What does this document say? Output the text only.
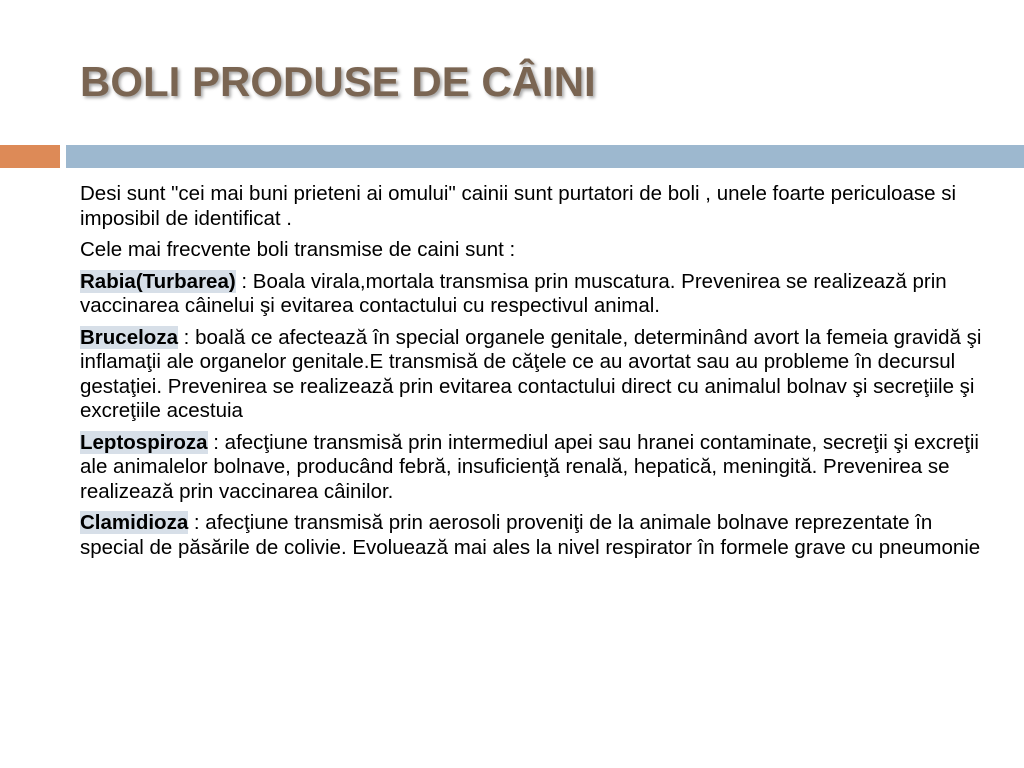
BOLI PRODUSE DE CÂINI

Desi sunt "cei mai buni prieteni ai omului" cainii sunt purtatori de boli , unele foarte periculoase si imposibil de identificat .

Cele mai frecvente boli transmise de caini sunt :

Rabia(Turbarea) : Boala virala,mortala transmisa prin muscatura. Prevenirea se realizează prin vaccinarea câinelui şi evitarea contactului cu respectivul animal.

Bruceloza : boală ce afectează în special organele genitale, determinând avort la femeia gravidă şi inflamaţii ale organelor genitale.E transmisă de căţele ce au avortat sau au probleme în decursul gestaţiei. Prevenirea se realizează prin evitarea contactului direct cu animalul bolnav şi secreţiile şi excreţiile acestuia

Leptospiroza : afecţiune transmisă prin intermediul apei sau hranei contaminate, secreţii şi excreţii ale animalelor bolnave, producând febră, insuficienţă renală, hepatică, meningită. Prevenirea se realizează prin vaccinarea câinilor.

Clamidioza : afecţiune transmisă prin aerosoli proveniţi de la animale bolnave reprezentate în special de păsările de colivie. Evoluează mai ales la nivel respirator în formele grave cu pneumonie
